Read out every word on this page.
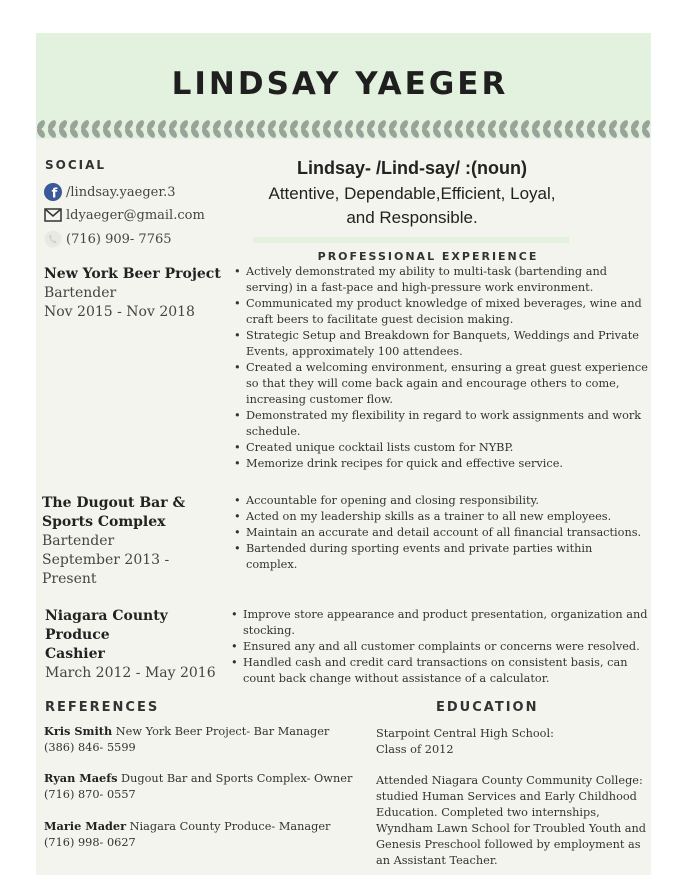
LINDSAY YAEGER
SOCIAL
f /lindsay.yaeger.3
ldyaeger@gmail.com
(716) 909- 7765
Lindsay- /Lind-say/ :(noun)
Attentive, Dependable,Efficient, Loyal,
and Responsible.
PROFESSIONAL EXPERIENCE
New York Beer Project
Bartender
Nov 2015 - Nov 2018
• Actively demonstrated my ability to multi-task (bartending and serving) in a fast-pace and high-pressure work environment.
• Communicated my product knowledge of mixed beverages, wine and craft beers to facilitate guest decision making.
• Strategic Setup and Breakdown for Banquets, Weddings and Private Events, approximately 100 attendees.
• Created a welcoming environment, ensuring a great guest experience so that they will come back again and encourage others to come, increasing customer flow.
• Demonstrated my flexibility in regard to work assignments and work schedule.
• Created unique cocktail lists custom for NYBP.
• Memorize drink recipes for quick and effective service.
The Dugout Bar & Sports Complex
Bartender
September 2013 - Present
• Accountable for opening and closing responsibility.
• Acted on my leadership skills as a trainer to all new employees.
• Maintain an accurate and detail account of all financial transactions.
• Bartended during sporting events and private parties within complex.
Niagara County Produce
Cashier
March 2012 - May 2016
• Improve store appearance and product presentation, organization and stocking.
• Ensured any and all customer complaints or concerns were resolved.
• Handled cash and credit card transactions on consistent basis, can count back change without assistance of a calculator.
REFERENCES
Kris Smith New York Beer Project- Bar Manager
(386) 846- 5599
Ryan Maefs Dugout Bar and Sports Complex- Owner
(716) 870- 0557
Marie Mader Niagara County Produce- Manager
(716) 998- 0627
EDUCATION
Starpoint Central High School:
Class of 2012
Attended Niagara County Community College: studied Human Services and Early Childhood Education. Completed two internships, Wyndham Lawn School for Troubled Youth and Genesis Preschool followed by employment as an Assistant Teacher.
